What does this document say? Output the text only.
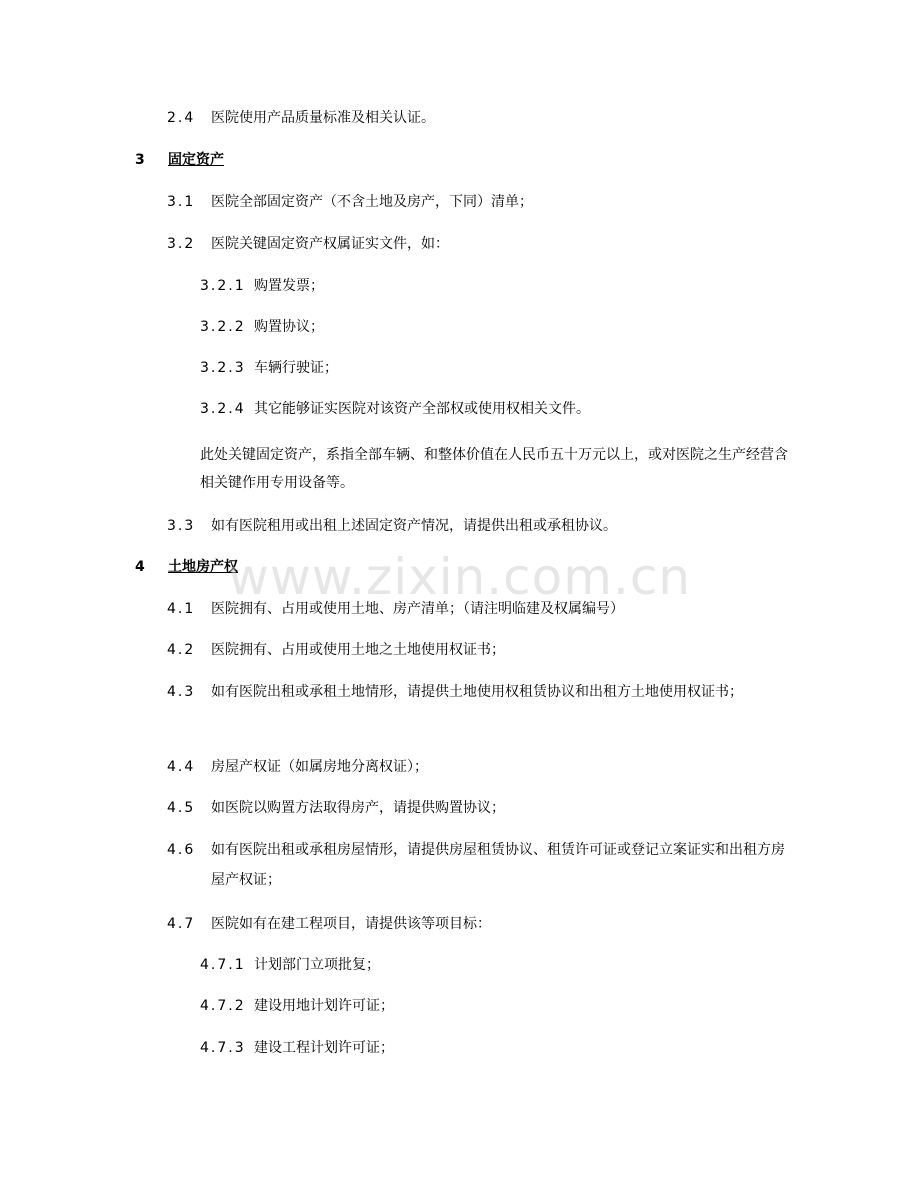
2.4 医院使用产品质量标准及相关认证。
3 固定资产
3.1 医院全部固定资产（不含土地及房产，下同）清单；
3.2 医院关键固定资产权属证实文件，如：
3.2.1 购置发票；
3.2.2 购置协议；
3.2.3 车辆行驶证；
3.2.4 其它能够证实医院对该资产全部权或使用权相关文件。
此处关键固定资产，系指全部车辆、和整体价值在人民币五十万元以上，或对医院之生产经营含相关键作用专用设备等。
3.3 如有医院租用或出租上述固定资产情况，请提供出租或承租协议。
4 土地房产权
4.1 医院拥有、占用或使用土地、房产清单；（请注明临建及权属编号）
4.2 医院拥有、占用或使用土地之土地使用权证书；
4.3 如有医院出租或承租土地情形，请提供土地使用权租赁协议和出租方土地使用权证书；
4.4 房屋产权证（如属房地分离权证）；
4.5 如医院以购置方法取得房产，请提供购置协议；
4.6 如有医院出租或承租房屋情形，请提供房屋租赁协议、租赁许可证或登记立案证实和出租方房屋产权证；
4.7 医院如有在建工程项目，请提供该等项目标：
4.7.1 计划部门立项批复；
4.7.2 建设用地计划许可证；
4.7.3 建设工程计划许可证；
www.zixin.com.cn
